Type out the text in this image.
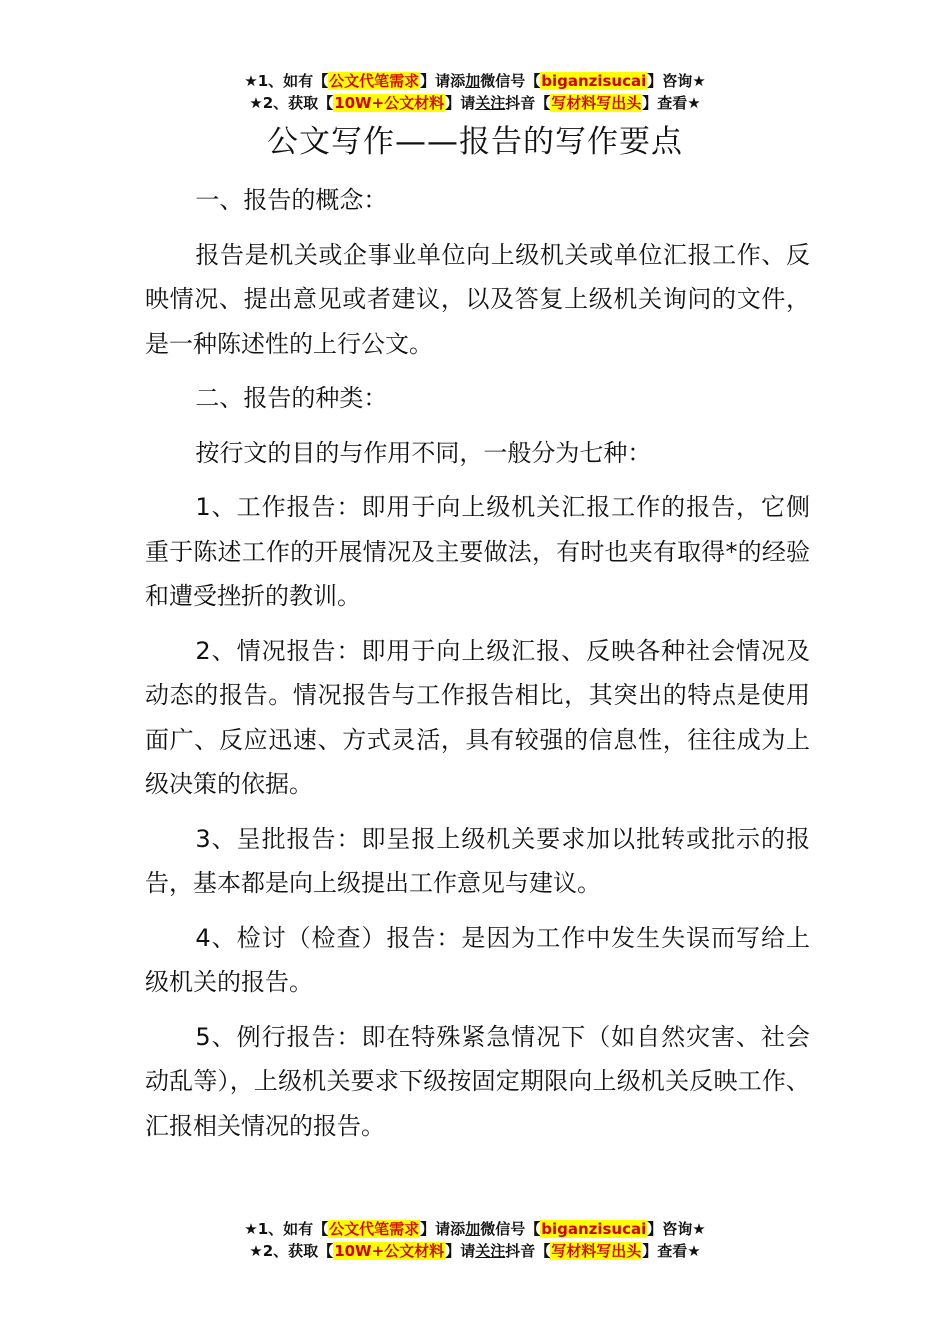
★1、如有【公文代笔需求】请添加微信号【biganzisucai】咨询★
★2、获取【10W+公文材料】请关注抖音【写材料写出头】查看★
公文写作——报告的写作要点

一、报告的概念：

报告是机关或企事业单位向上级机关或单位汇报工作、反映情况、提出意见或者建议，以及答复上级机关询问的文件，是一种陈述性的上行公文。

二、报告的种类：

按行文的目的与作用不同，一般分为七种：

1、工作报告：即用于向上级机关汇报工作的报告，它侧重于陈述工作的开展情况及主要做法，有时也夹有取得*的经验和遭受挫折的教训。

2、情况报告：即用于向上级汇报、反映各种社会情况及动态的报告。情况报告与工作报告相比，其突出的特点是使用面广、反应迅速、方式灵活，具有较强的信息性，往往成为上级决策的依据。

3、呈批报告：即呈报上级机关要求加以批转或批示的报告，基本都是向上级提出工作意见与建议。

4、检讨（检查）报告：是因为工作中发生失误而写给上级机关的报告。

5、例行报告：即在特殊紧急情况下（如自然灾害、社会动乱等），上级机关要求下级按固定期限向上级机关反映工作、汇报相关情况的报告。

★1、如有【公文代笔需求】请添加微信号【biganzisucai】咨询★
★2、获取【10W+公文材料】请关注抖音【写材料写出头】查看★
